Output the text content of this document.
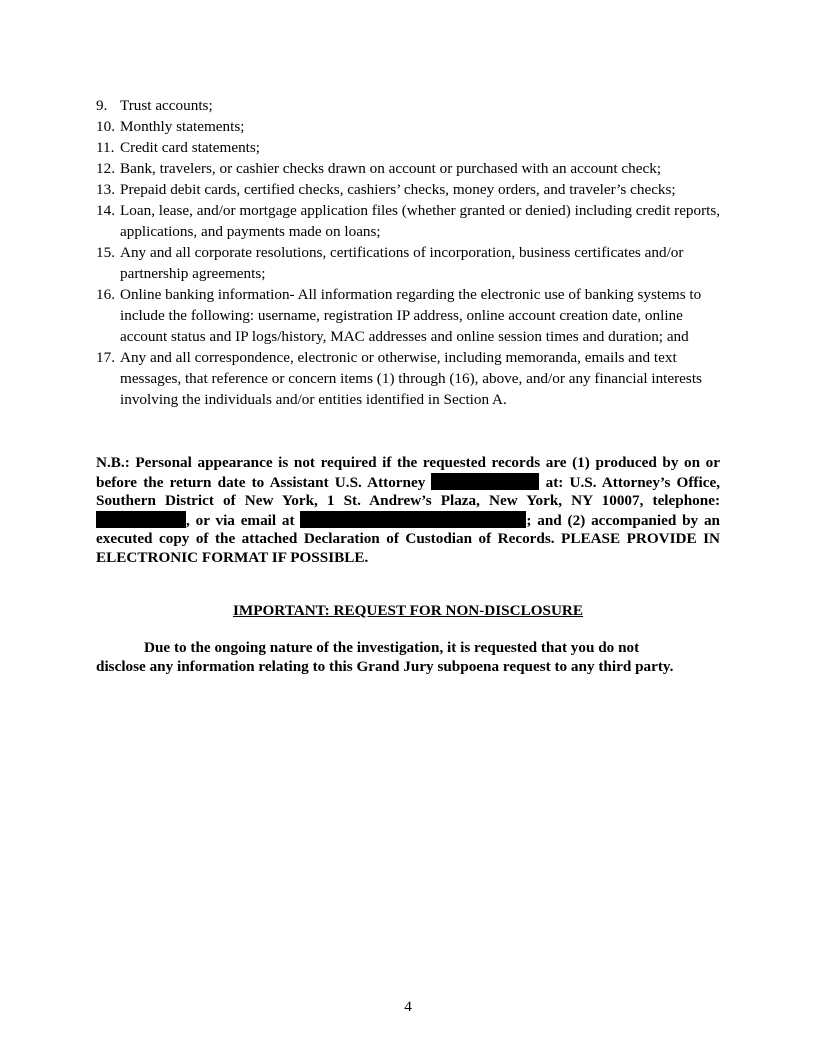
9. Trust accounts;
10. Monthly statements;
11. Credit card statements;
12. Bank, travelers, or cashier checks drawn on account or purchased with an account check;
13. Prepaid debit cards, certified checks, cashiers’ checks, money orders, and traveler’s checks;
14. Loan, lease, and/or mortgage application files (whether granted or denied) including credit reports, applications, and payments made on loans;
15. Any and all corporate resolutions, certifications of incorporation, business certificates and/or partnership agreements;
16. Online banking information- All information regarding the electronic use of banking systems to include the following: username, registration IP address, online account creation date, online account status and IP logs/history, MAC addresses and online session times and duration; and
17. Any and all correspondence, electronic or otherwise, including memoranda, emails and text messages, that reference or concern items (1) through (16), above, and/or any financial interests involving the individuals and/or entities identified in Section A.
N.B.: Personal appearance is not required if the requested records are (1) produced by on or before the return date to Assistant U.S. Attorney	at: U.S. Attorney’s Office, Southern District of New York, 1 St. Andrew’s Plaza, New York, NY 10007, telephone: , or via email at	; and (2) accompanied by an executed copy of the attached Declaration of Custodian of Records. PLEASE PROVIDE IN ELECTRONIC FORMAT IF POSSIBLE.
IMPORTANT: REQUEST FOR NON-DISCLOSURE
Due to the ongoing nature of the investigation, it is requested that you do not
disclose any information relating to this Grand Jury subpoena request to any third party.
4
